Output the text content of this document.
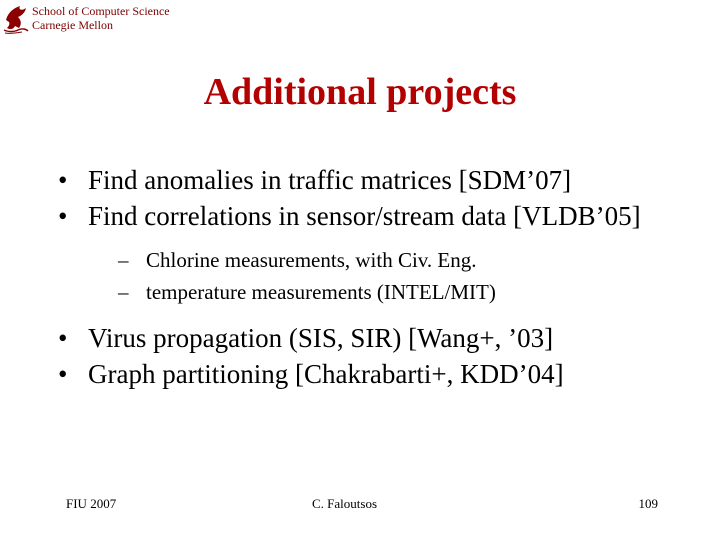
School of Computer Science
Carnegie Mellon
Additional projects
• Find anomalies in traffic matrices [SDM’07]
• Find correlations in sensor/stream data [VLDB’05]
– Chlorine measurements, with Civ. Eng.
– temperature measurements (INTEL/MIT)
• Virus propagation (SIS, SIR) [Wang+, ’03]
• Graph partitioning [Chakrabarti+, KDD’04]
FIU 2007	C. Faloutsos	109
